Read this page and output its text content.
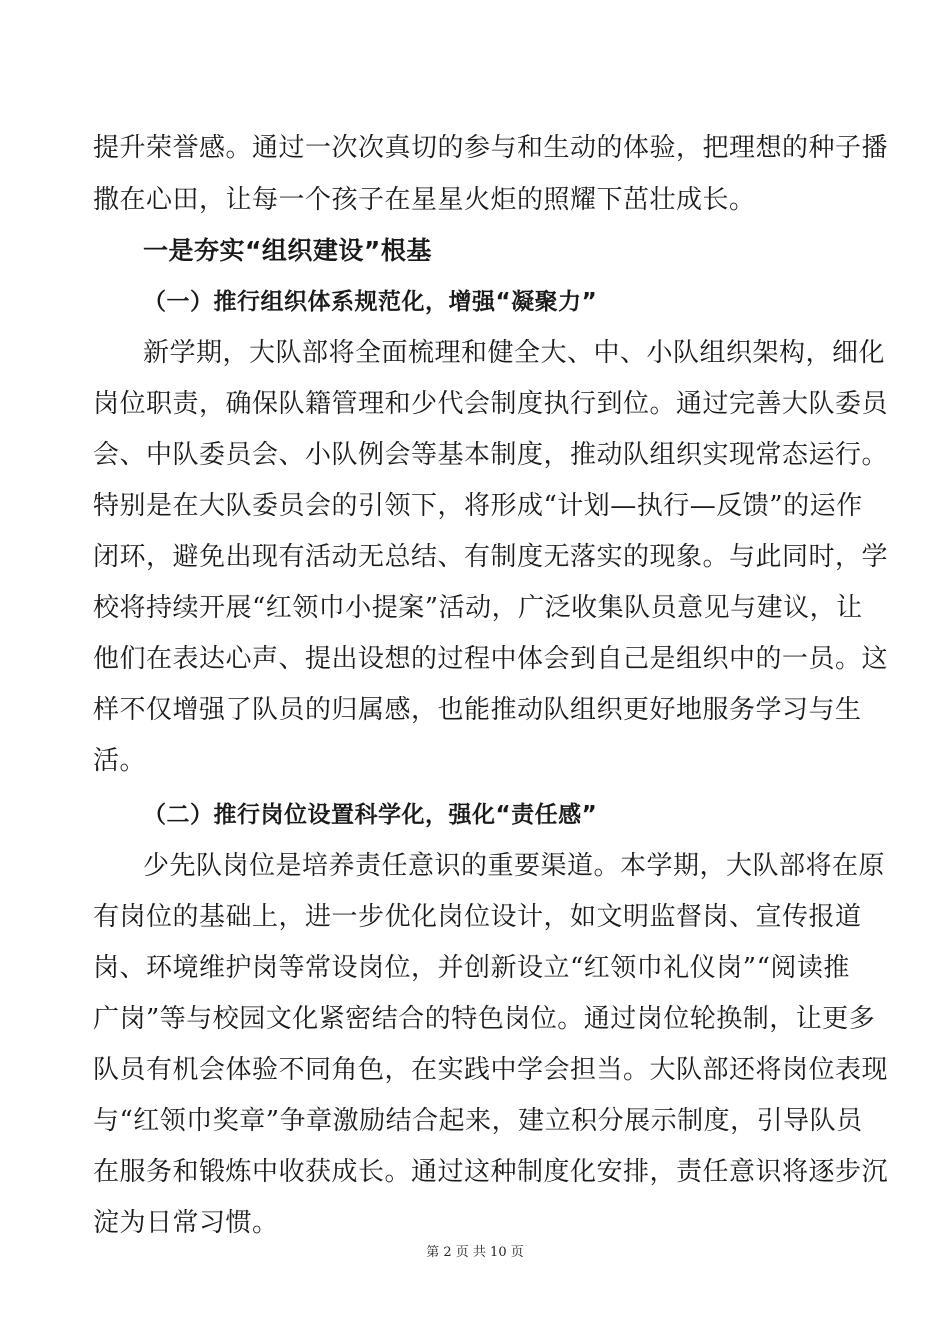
提升荣誉感。通过一次次真切的参与和生动的体验，把理想的种子播
撒在心田，让每一个孩子在星星火炬的照耀下茁壮成长。
一是夯实“组织建设”根基
（一）推行组织体系规范化，增强“凝聚力”
新学期，大队部将全面梳理和健全大、中、小队组织架构，细化
岗位职责，确保队籍管理和少代会制度执行到位。通过完善大队委员
会、中队委员会、小队例会等基本制度，推动队组织实现常态运行。
特别是在大队委员会的引领下，将形成“计划—执行—反馈”的运作
闭环，避免出现有活动无总结、有制度无落实的现象。与此同时，学
校将持续开展“红领巾小提案”活动，广泛收集队员意见与建议，让
他们在表达心声、提出设想的过程中体会到自己是组织中的一员。这
样不仅增强了队员的归属感，也能推动队组织更好地服务学习与生
活。
（二）推行岗位设置科学化，强化“责任感”
少先队岗位是培养责任意识的重要渠道。本学期，大队部将在原
有岗位的基础上，进一步优化岗位设计，如文明监督岗、宣传报道
岗、环境维护岗等常设岗位，并创新设立“红领巾礼仪岗”“阅读推
广岗”等与校园文化紧密结合的特色岗位。通过岗位轮换制，让更多
队员有机会体验不同角色，在实践中学会担当。大队部还将岗位表现
与“红领巾奖章”争章激励结合起来，建立积分展示制度，引导队员
在服务和锻炼中收获成长。通过这种制度化安排，责任意识将逐步沉
淀为日常习惯。
第 2 页 共 10 页
